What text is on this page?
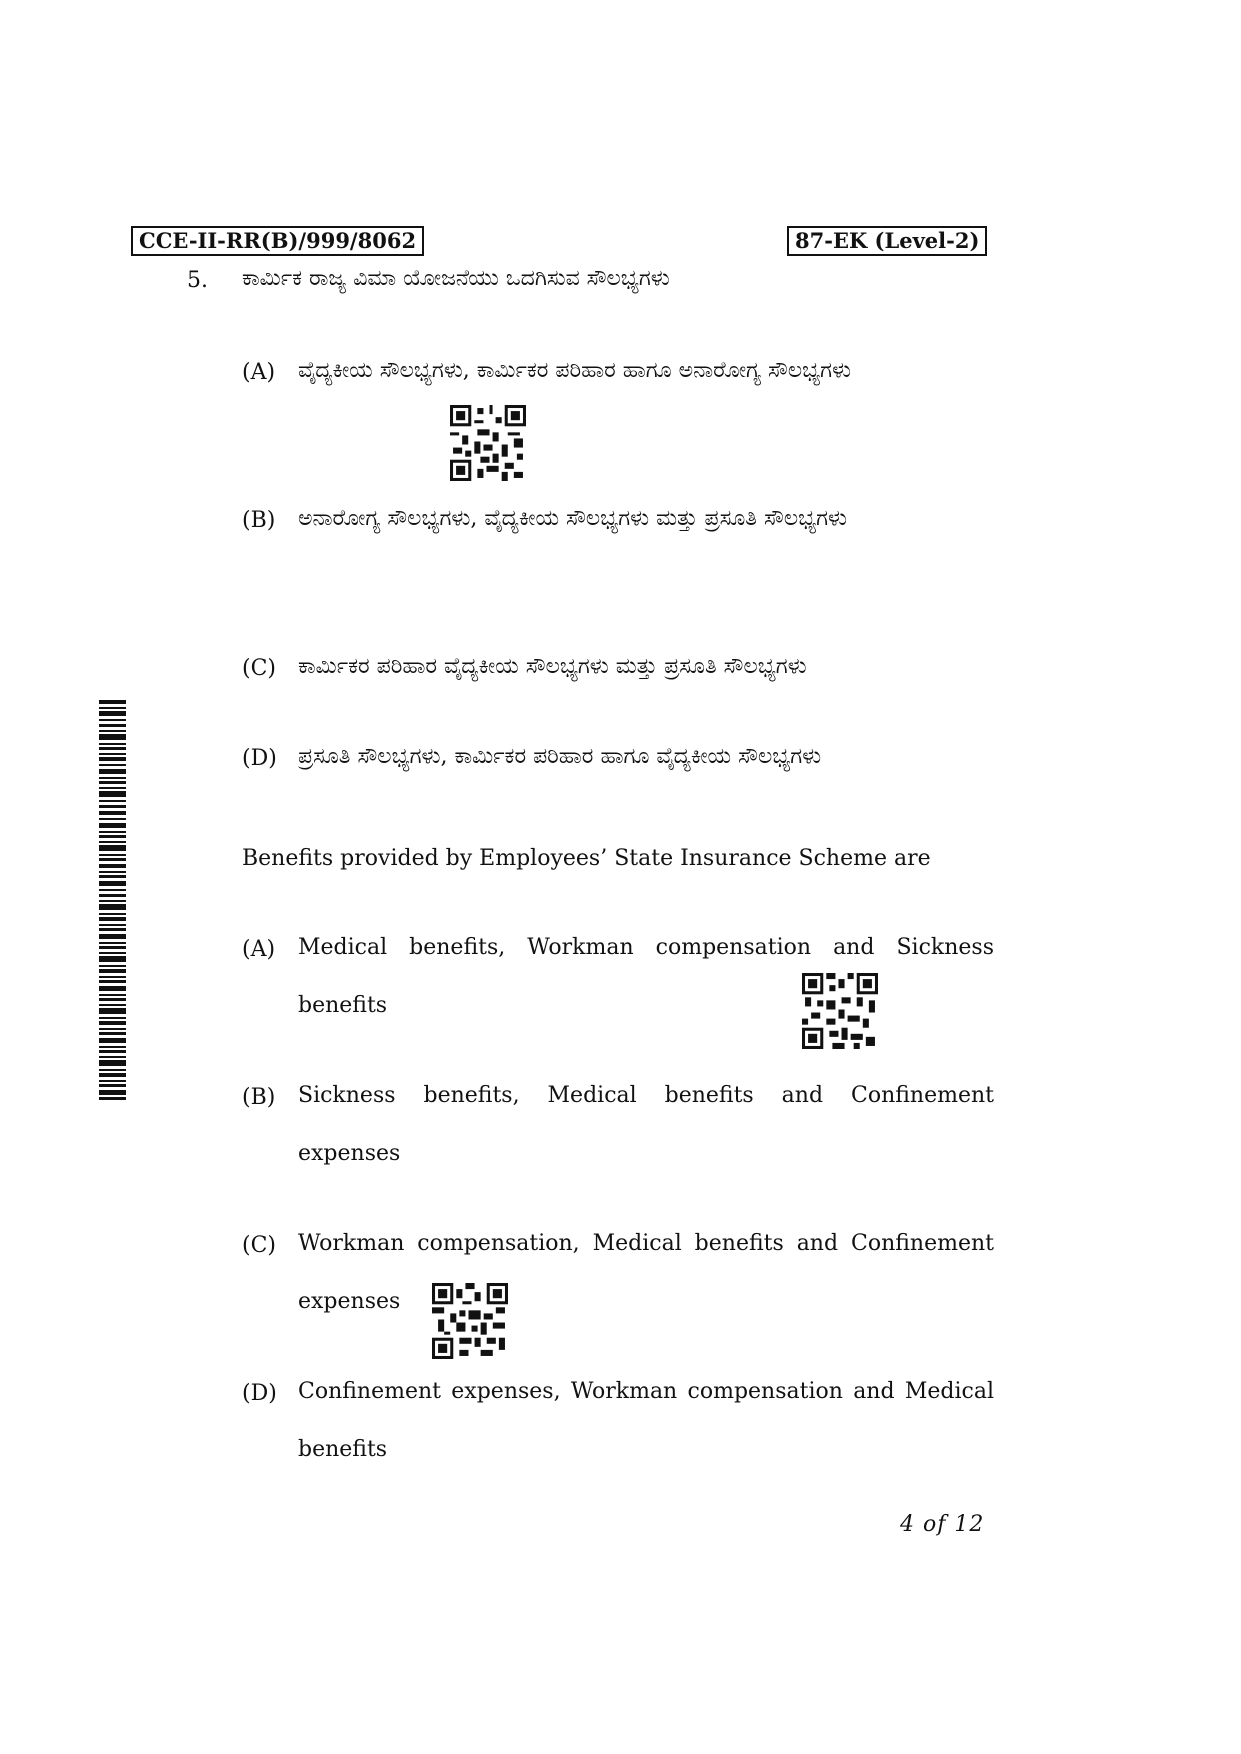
CCE-II-RR(B)/999/8062	87-EK (Level-2)
5. ಕಾರ್ಮಿಕ ರಾಜ್ಯ ವಿಮಾ ಯೋಜನೆಯು ಒದಗಿಸುವ ಸೌಲಭ್ಯಗಳು
(A) ವೈದ್ಯಕೀಯ ಸೌಲಭ್ಯಗಳು, ಕಾರ್ಮಿಕರ ಪರಿಹಾರ ಹಾಗೂ ಅನಾರೋಗ್ಯ ಸೌಲಭ್ಯಗಳು
(B) ಅನಾರೋಗ್ಯ ಸೌಲಭ್ಯಗಳು, ವೈದ್ಯಕೀಯ ಸೌಲಭ್ಯಗಳು ಮತ್ತು ಪ್ರಸೂತಿ ಸೌಲಭ್ಯಗಳು
(C) ಕಾರ್ಮಿಕರ ಪರಿಹಾರ ವೈದ್ಯಕೀಯ ಸೌಲಭ್ಯಗಳು ಮತ್ತು ಪ್ರಸೂತಿ ಸೌಲಭ್ಯಗಳು
(D) ಪ್ರಸೂತಿ ಸೌಲಭ್ಯಗಳು, ಕಾರ್ಮಿಕರ ಪರಿಹಾರ ಹಾಗೂ ವೈದ್ಯಕೀಯ ಸೌಲಭ್ಯಗಳು
Benefits provided by Employees’ State Insurance Scheme are
(A) Medical benefits, Workman compensation and Sickness benefits
(B) Sickness benefits, Medical benefits and Confinement expenses
(C) Workman compensation, Medical benefits and Confinement expenses
(D) Confinement expenses, Workman compensation and Medical benefits
4 of 12
